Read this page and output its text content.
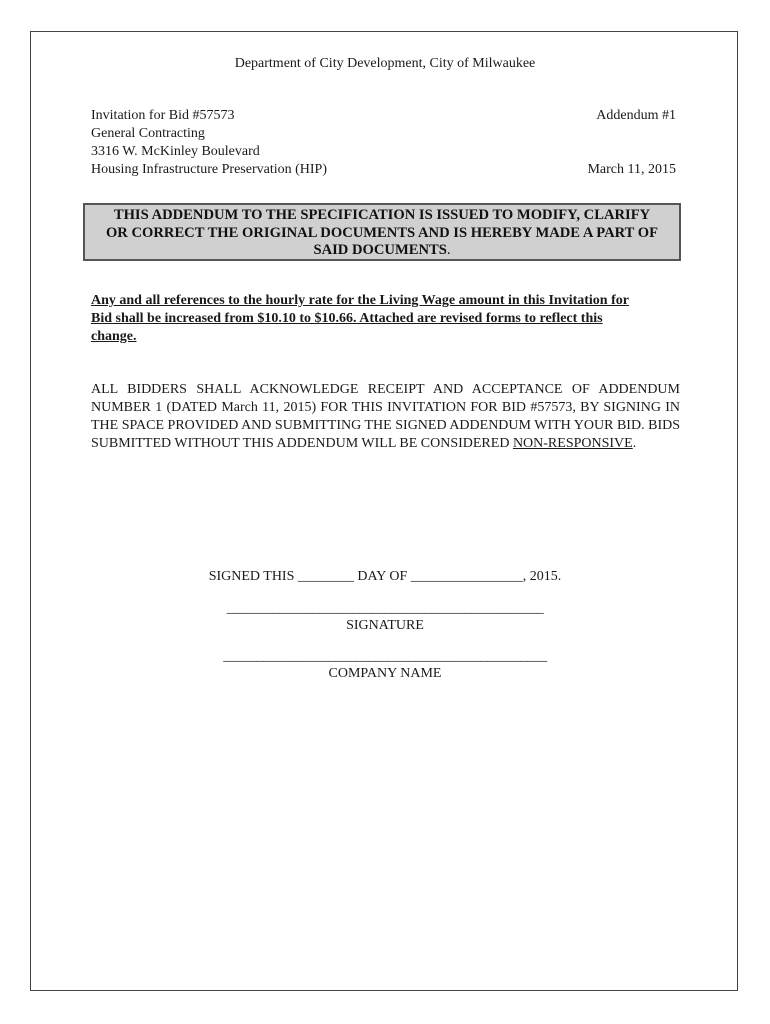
Department of City Development, City of Milwaukee
Invitation for Bid #57573	Addendum #1
General Contracting
3316 W. McKinley Boulevard
Housing Infrastructure Preservation (HIP)	March 11, 2015
THIS ADDENDUM TO THE SPECIFICATION IS ISSUED TO MODIFY, CLARIFY
OR CORRECT THE ORIGINAL DOCUMENTS AND IS HEREBY MADE A PART OF
SAID DOCUMENTS.
Any and all references to the hourly rate for the Living Wage amount in this Invitation for
Bid shall be increased from $10.10 to $10.66. Attached are revised forms to reflect this
change.
ALL BIDDERS SHALL ACKNOWLEDGE RECEIPT AND ACCEPTANCE OF ADDENDUM NUMBER 1 (DATED March 11, 2015) FOR THIS INVITATION FOR BID #57573, BY SIGNING IN THE SPACE PROVIDED AND SUBMITTING THE SIGNED ADDENDUM WITH YOUR BID. BIDS SUBMITTED WITHOUT THIS ADDENDUM WILL BE CONSIDERED NON-RESPONSIVE.
SIGNED THIS ________ DAY OF ________________, 2015.
________________________________________________
SIGNATURE
_________________________________________________
COMPANY NAME
